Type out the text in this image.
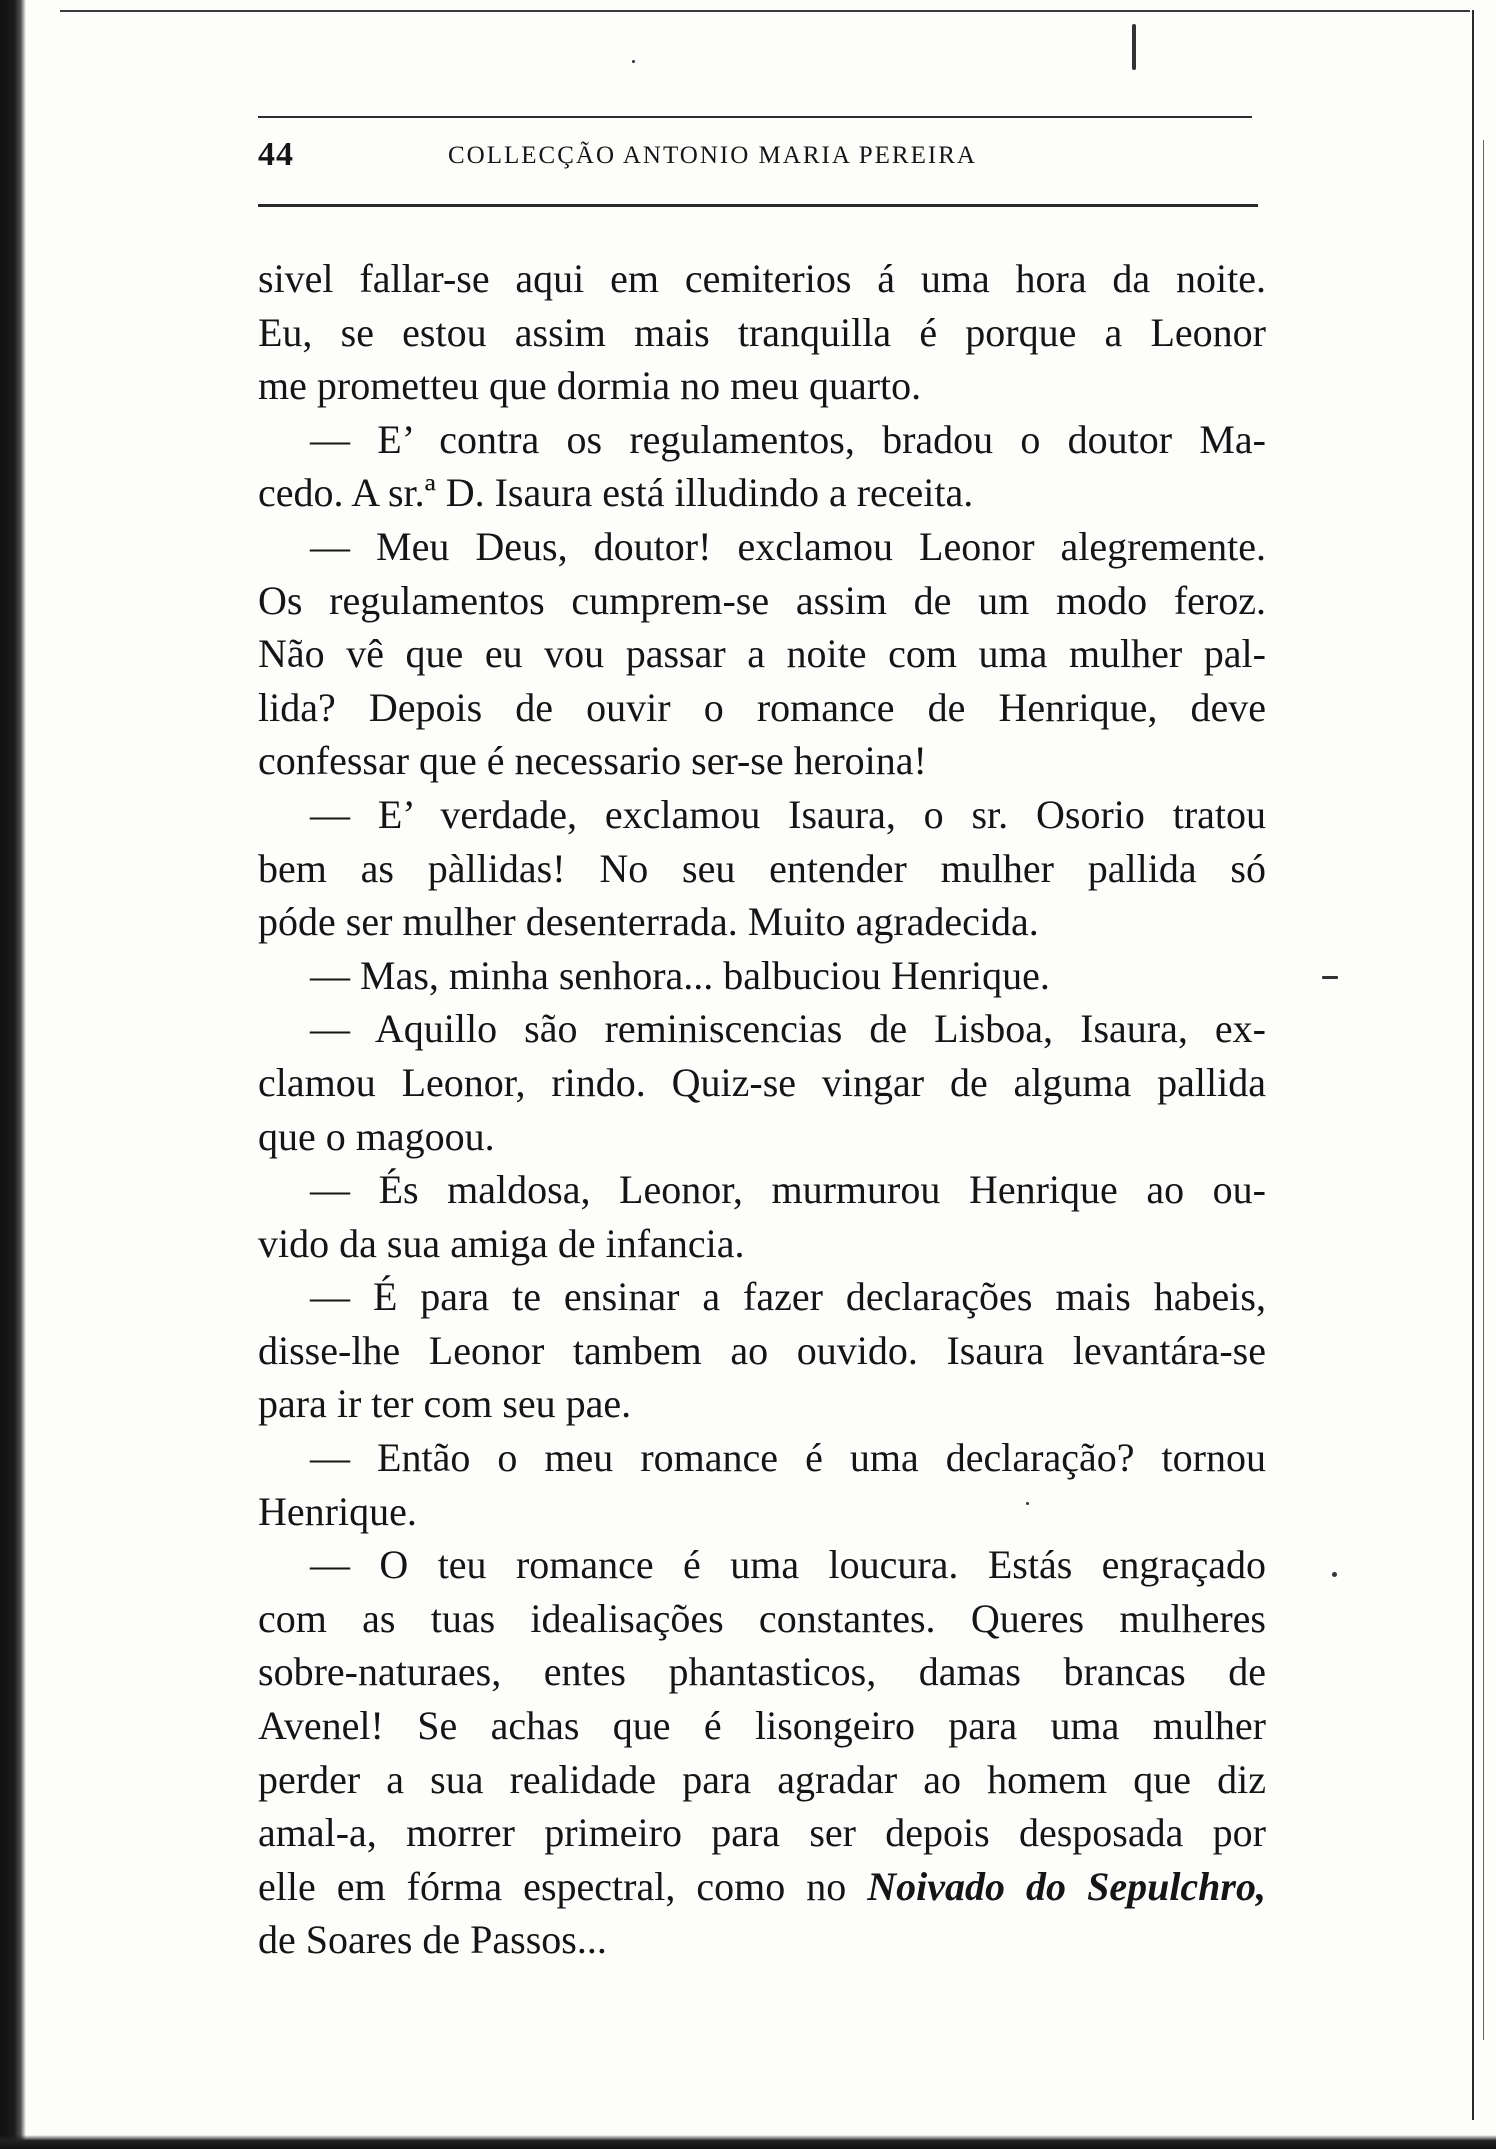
44	COLLECÇÃO ANTONIO MARIA PEREIRA
sivel fallar-se aqui em cemiterios á uma hora da noite.
Eu, se estou assim mais tranquilla é porque a Leonor
me prometteu que dormia no meu quarto.
— E’ contra os regulamentos, bradou o doutor Ma-
cedo. A sr.ª D. Isaura está illudindo a receita.
— Meu Deus, doutor! exclamou Leonor alegremente.
Os regulamentos cumprem-se assim de um modo feroz.
Não vê que eu vou passar a noite com uma mulher pal-
lida? Depois de ouvir o romance de Henrique, deve
confessar que é necessario ser-se heroina!
— E’ verdade, exclamou Isaura, o sr. Osorio tratou
bem as pàllidas! No seu entender mulher pallida só
póde ser mulher desenterrada. Muito agradecida.
— Mas, minha senhora... balbuciou Henrique.
— Aquillo são reminiscencias de Lisboa, Isaura, ex-
clamou Leonor, rindo. Quiz-se vingar de alguma pallida
que o magoou.
— És maldosa, Leonor, murmurou Henrique ao ou-
vido da sua amiga de infancia.
— É para te ensinar a fazer declarações mais habeis,
disse-lhe Leonor tambem ao ouvido. Isaura levantára-se
para ir ter com seu pae.
— Então o meu romance é uma declaração? tornou
Henrique.
— O teu romance é uma loucura. Estás engraçado
com as tuas idealisações constantes. Queres mulheres
sobre-naturaes, entes phantasticos, damas brancas de
Avenel! Se achas que é lisongeiro para uma mulher
perder a sua realidade para agradar ao homem que diz
amal-a, morrer primeiro para ser depois desposada por
elle em fórma espectral, como no Noivado do Sepulchro,
de Soares de Passos...
